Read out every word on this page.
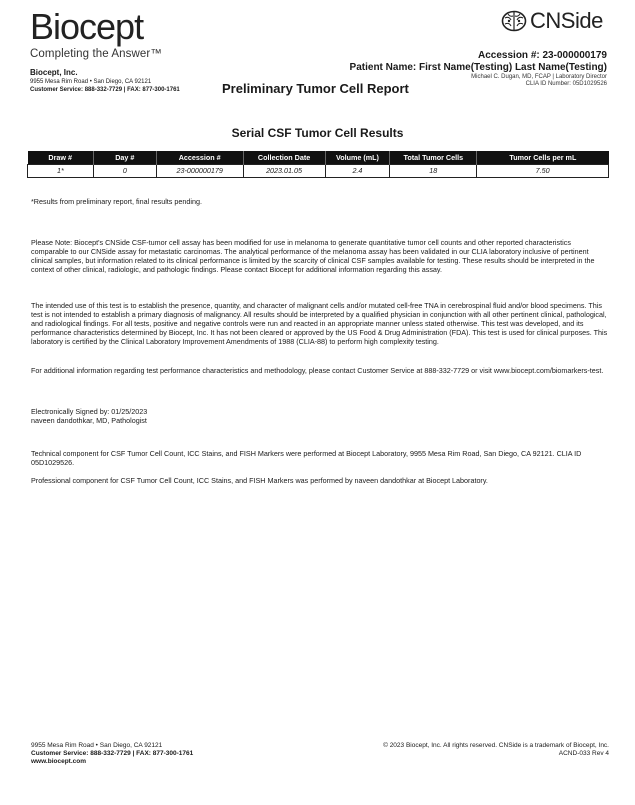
Biocept
Completing the Answer™
Biocept, Inc.
9955 Mesa Rim Road • San Diego, CA 92121
Customer Service: 888-332-7729 | FAX: 877-300-1761	Preliminary Tumor Cell Report
CNSide
Accession #: 23-000000179
Patient Name: First Name(Testing) Last Name(Testing)
Michael C. Dugan, MD, FCAP | Laboratory Director
CLIA ID Number: 05D1029526
Serial CSF Tumor Cell Results
Draw #	Day #	Accession #	Collection Date	Volume (mL)	Total Tumor Cells	Tumor Cells per mL
1*	0	23-000000179	2023.01.05	2.4	18	7.50
*Results from preliminary report, final results pending.
Please Note: Biocept's CNSide CSF-tumor cell assay has been modified for use in melanoma to generate quantitative tumor cell counts and other reported characteristics comparable to our CNSide assay for metastatic carcinomas. The analytical performance of the melanoma assay has been validated in our CLIA laboratory inclusive of pertinent clinical samples, but information related to its clinical performance is limited by the scarcity of clinical CSF samples available for testing. These results should be interpreted in the context of other clinical, radiologic, and pathologic findings. Please contact Biocept for additional information regarding this assay.
The intended use of this test is to establish the presence, quantity, and character of malignant cells and/or mutated cell-free TNA in cerebrospinal fluid and/or blood specimens. This test is not intended to establish a primary diagnosis of malignancy. All results should be interpreted by a qualified physician in conjunction with all other pertinent clinical, pathological, and radiological findings. For all tests, positive and negative controls were run and reacted in an appropriate manner unless stated otherwise. This test was developed, and its performance characteristics determined by Biocept, Inc. It has not been cleared or approved by the US Food & Drug Administration (FDA). This test is used for clinical purposes. This laboratory is certified by the Clinical Laboratory Improvement Amendments of 1988 (CLIA-88) to perform high complexity testing.
For additional information regarding test performance characteristics and methodology, please contact Customer Service at 888-332-7729 or visit www.biocept.com/biomarkers-test.
Electronically Signed by: 01/25/2023
naveen dandothkar, MD, Pathologist
Technical component for CSF Tumor Cell Count, ICC Stains, and FISH Markers were performed at Biocept Laboratory, 9955 Mesa Rim Road, San Diego, CA 92121. CLIA ID 05D1029526.
Professional component for CSF Tumor Cell Count, ICC Stains, and FISH Markers was performed by naveen dandothkar at Biocept Laboratory.
9955 Mesa Rim Road • San Diego, CA 92121
Customer Service: 888-332-7729 | FAX: 877-300-1761
www.biocept.com
© 2023 Biocept, Inc. All rights reserved. CNSide is a trademark of Biocept, Inc.
ACND-033 Rev 4
